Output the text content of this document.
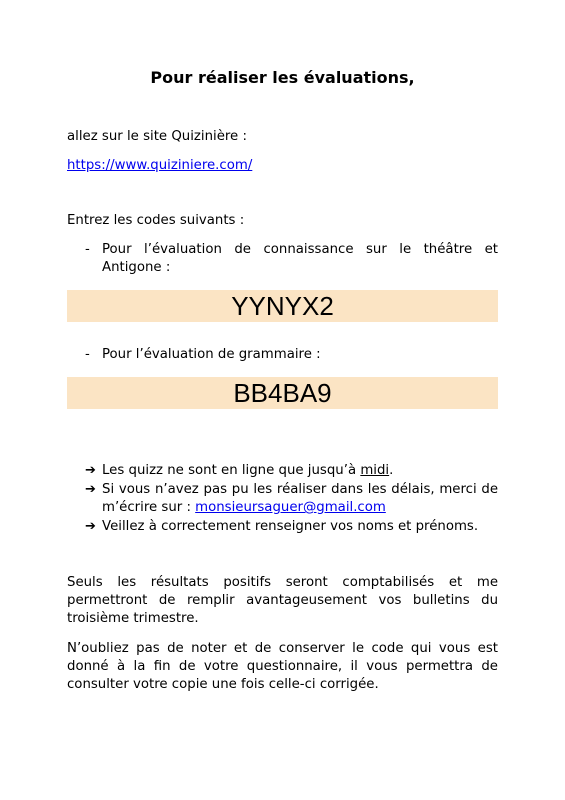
Pour réaliser les évaluations,

allez sur le site Quizinière :

https://www.quiziniere.com/

Entrez les codes suivants :

- Pour l’évaluation de connaissance sur le théâtre et Antigone :
YYNYX2
- Pour l’évaluation de grammaire :
BB4BA9
➔ Les quizz ne sont en ligne que jusqu’à midi.
➔ Si vous n’avez pas pu les réaliser dans les délais, merci de m’écrire sur : monsieursaguer@gmail.com
➔ Veillez à correctement renseigner vos noms et prénoms.

Seuls les résultats positifs seront comptabilisés et me permettront de remplir avantageusement vos bulletins du troisième trimestre.

N’oubliez pas de noter et de conserver le code qui vous est donné à la fin de votre questionnaire, il vous permettra de consulter votre copie une fois celle-ci corrigée.
